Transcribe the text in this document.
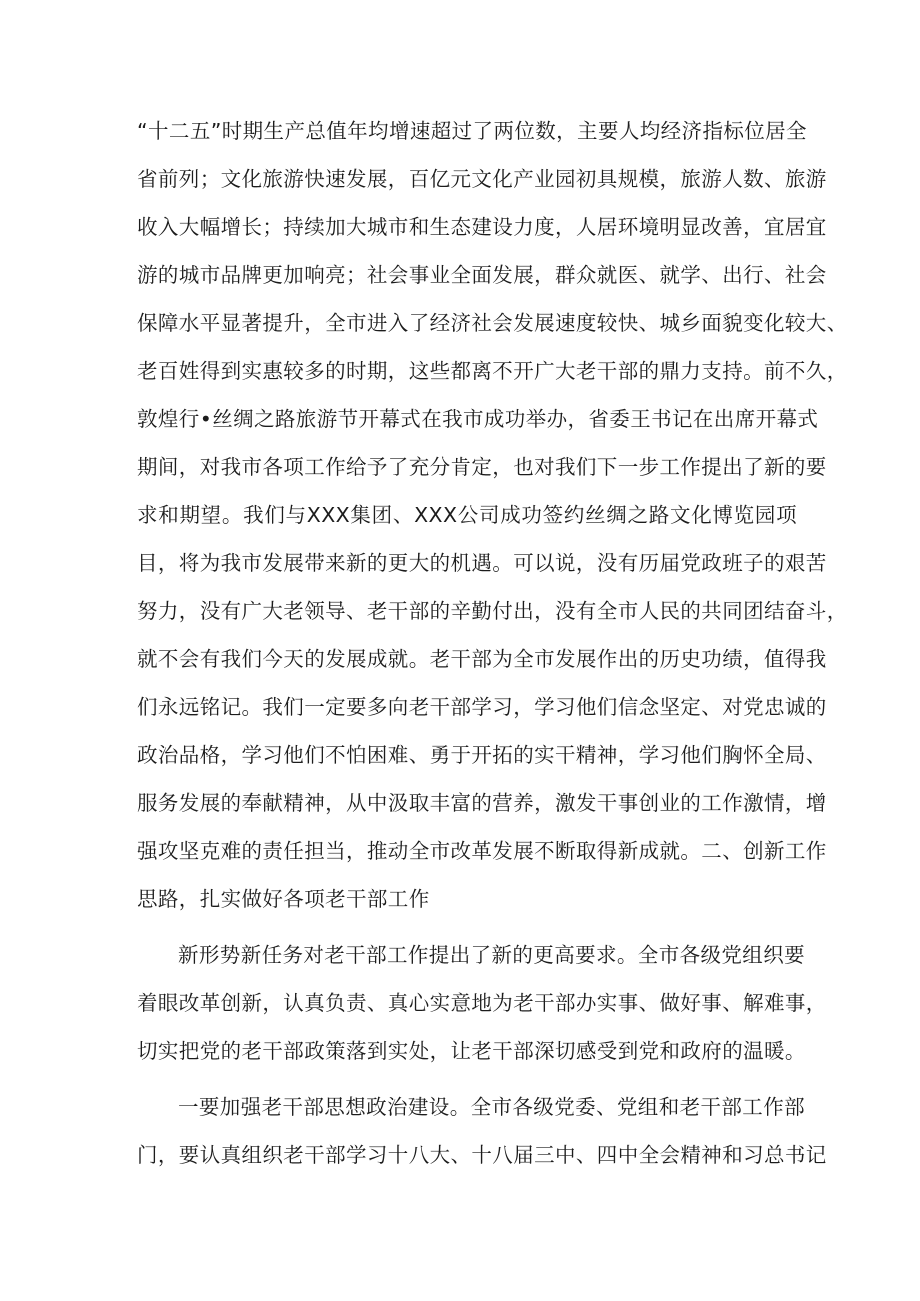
“十二五”时期生产总值年均增速超过了两位数，主要人均经济指标位居全
省前列；文化旅游快速发展，百亿元文化产业园初具规模，旅游人数、旅游
收入大幅增长；持续加大城市和生态建设力度，人居环境明显改善，宜居宜
游的城市品牌更加响亮；社会事业全面发展，群众就医、就学、出行、社会
保障水平显著提升，全市进入了经济社会发展速度较快、城乡面貌变化较大、
老百姓得到实惠较多的时期，这些都离不开广大老干部的鼎力支持。前不久，
敦煌行•丝绸之路旅游节开幕式在我市成功举办，省委王书记在出席开幕式
期间，对我市各项工作给予了充分肯定，也对我们下一步工作提出了新的要
求和期望。我们与XXX集团、XXX公司成功签约丝绸之路文化博览园项
目，将为我市发展带来新的更大的机遇。可以说，没有历届党政班子的艰苦
努力，没有广大老领导、老干部的辛勤付出，没有全市人民的共同团结奋斗，
就不会有我们今天的发展成就。老干部为全市发展作出的历史功绩，值得我
们永远铭记。我们一定要多向老干部学习，学习他们信念坚定、对党忠诚的
政治品格，学习他们不怕困难、勇于开拓的实干精神，学习他们胸怀全局、
服务发展的奉献精神，从中汲取丰富的营养，激发干事创业的工作激情，增
强攻坚克难的责任担当，推动全市改革发展不断取得新成就。二、创新工作
思路，扎实做好各项老干部工作
新形势新任务对老干部工作提出了新的更高要求。全市各级党组织要
着眼改革创新，认真负责、真心实意地为老干部办实事、做好事、解难事，
切实把党的老干部政策落到实处，让老干部深切感受到党和政府的温暖。
一要加强老干部思想政治建设。全市各级党委、党组和老干部工作部
门，要认真组织老干部学习十八大、十八届三中、四中全会精神和习总书记
